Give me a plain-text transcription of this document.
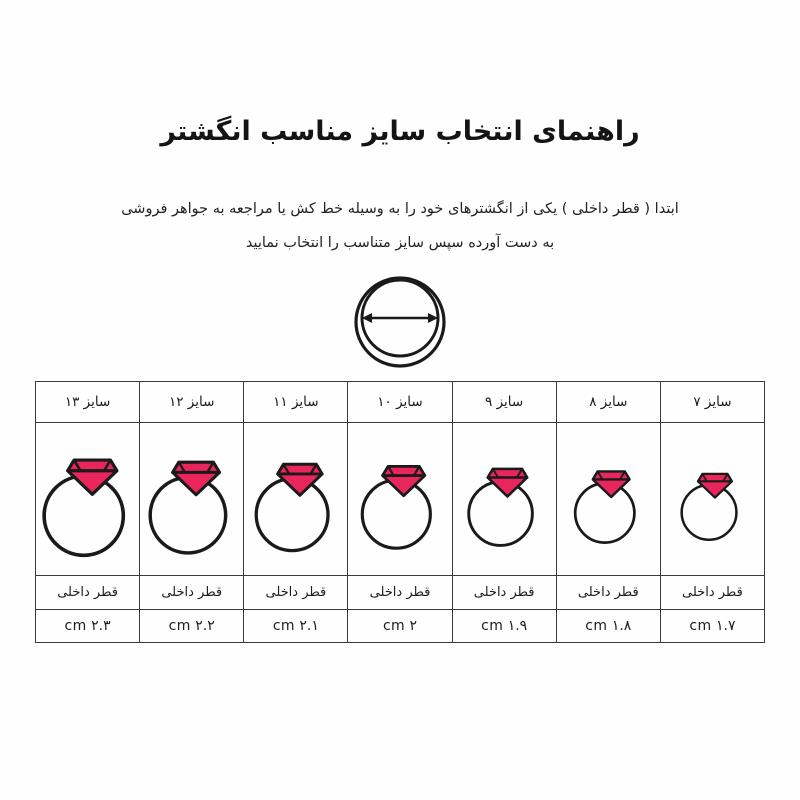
راهنمای انتخاب سایز مناسب انگشتر
ابتدا ( قطر داخلی ) یکی از انگشترهای خود را به وسیله خط کش یا مراجعه به جواهر فروشی
به دست آورده سپس سایز متناسب را انتخاب نمایید
سایز ۷	سایز ۸	سایز ۹	سایز ۱۰	سایز ۱۱	سایز ۱۲	سایز ۱۳

قطر داخلی	قطر داخلی	قطر داخلی	قطر داخلی	قطر داخلی	قطر داخلی	قطر داخلی
۱.۷ cm	۱.۸ cm	۱.۹ cm	۲ cm	۲.۱ cm	۲.۲ cm	۲.۳ cm
